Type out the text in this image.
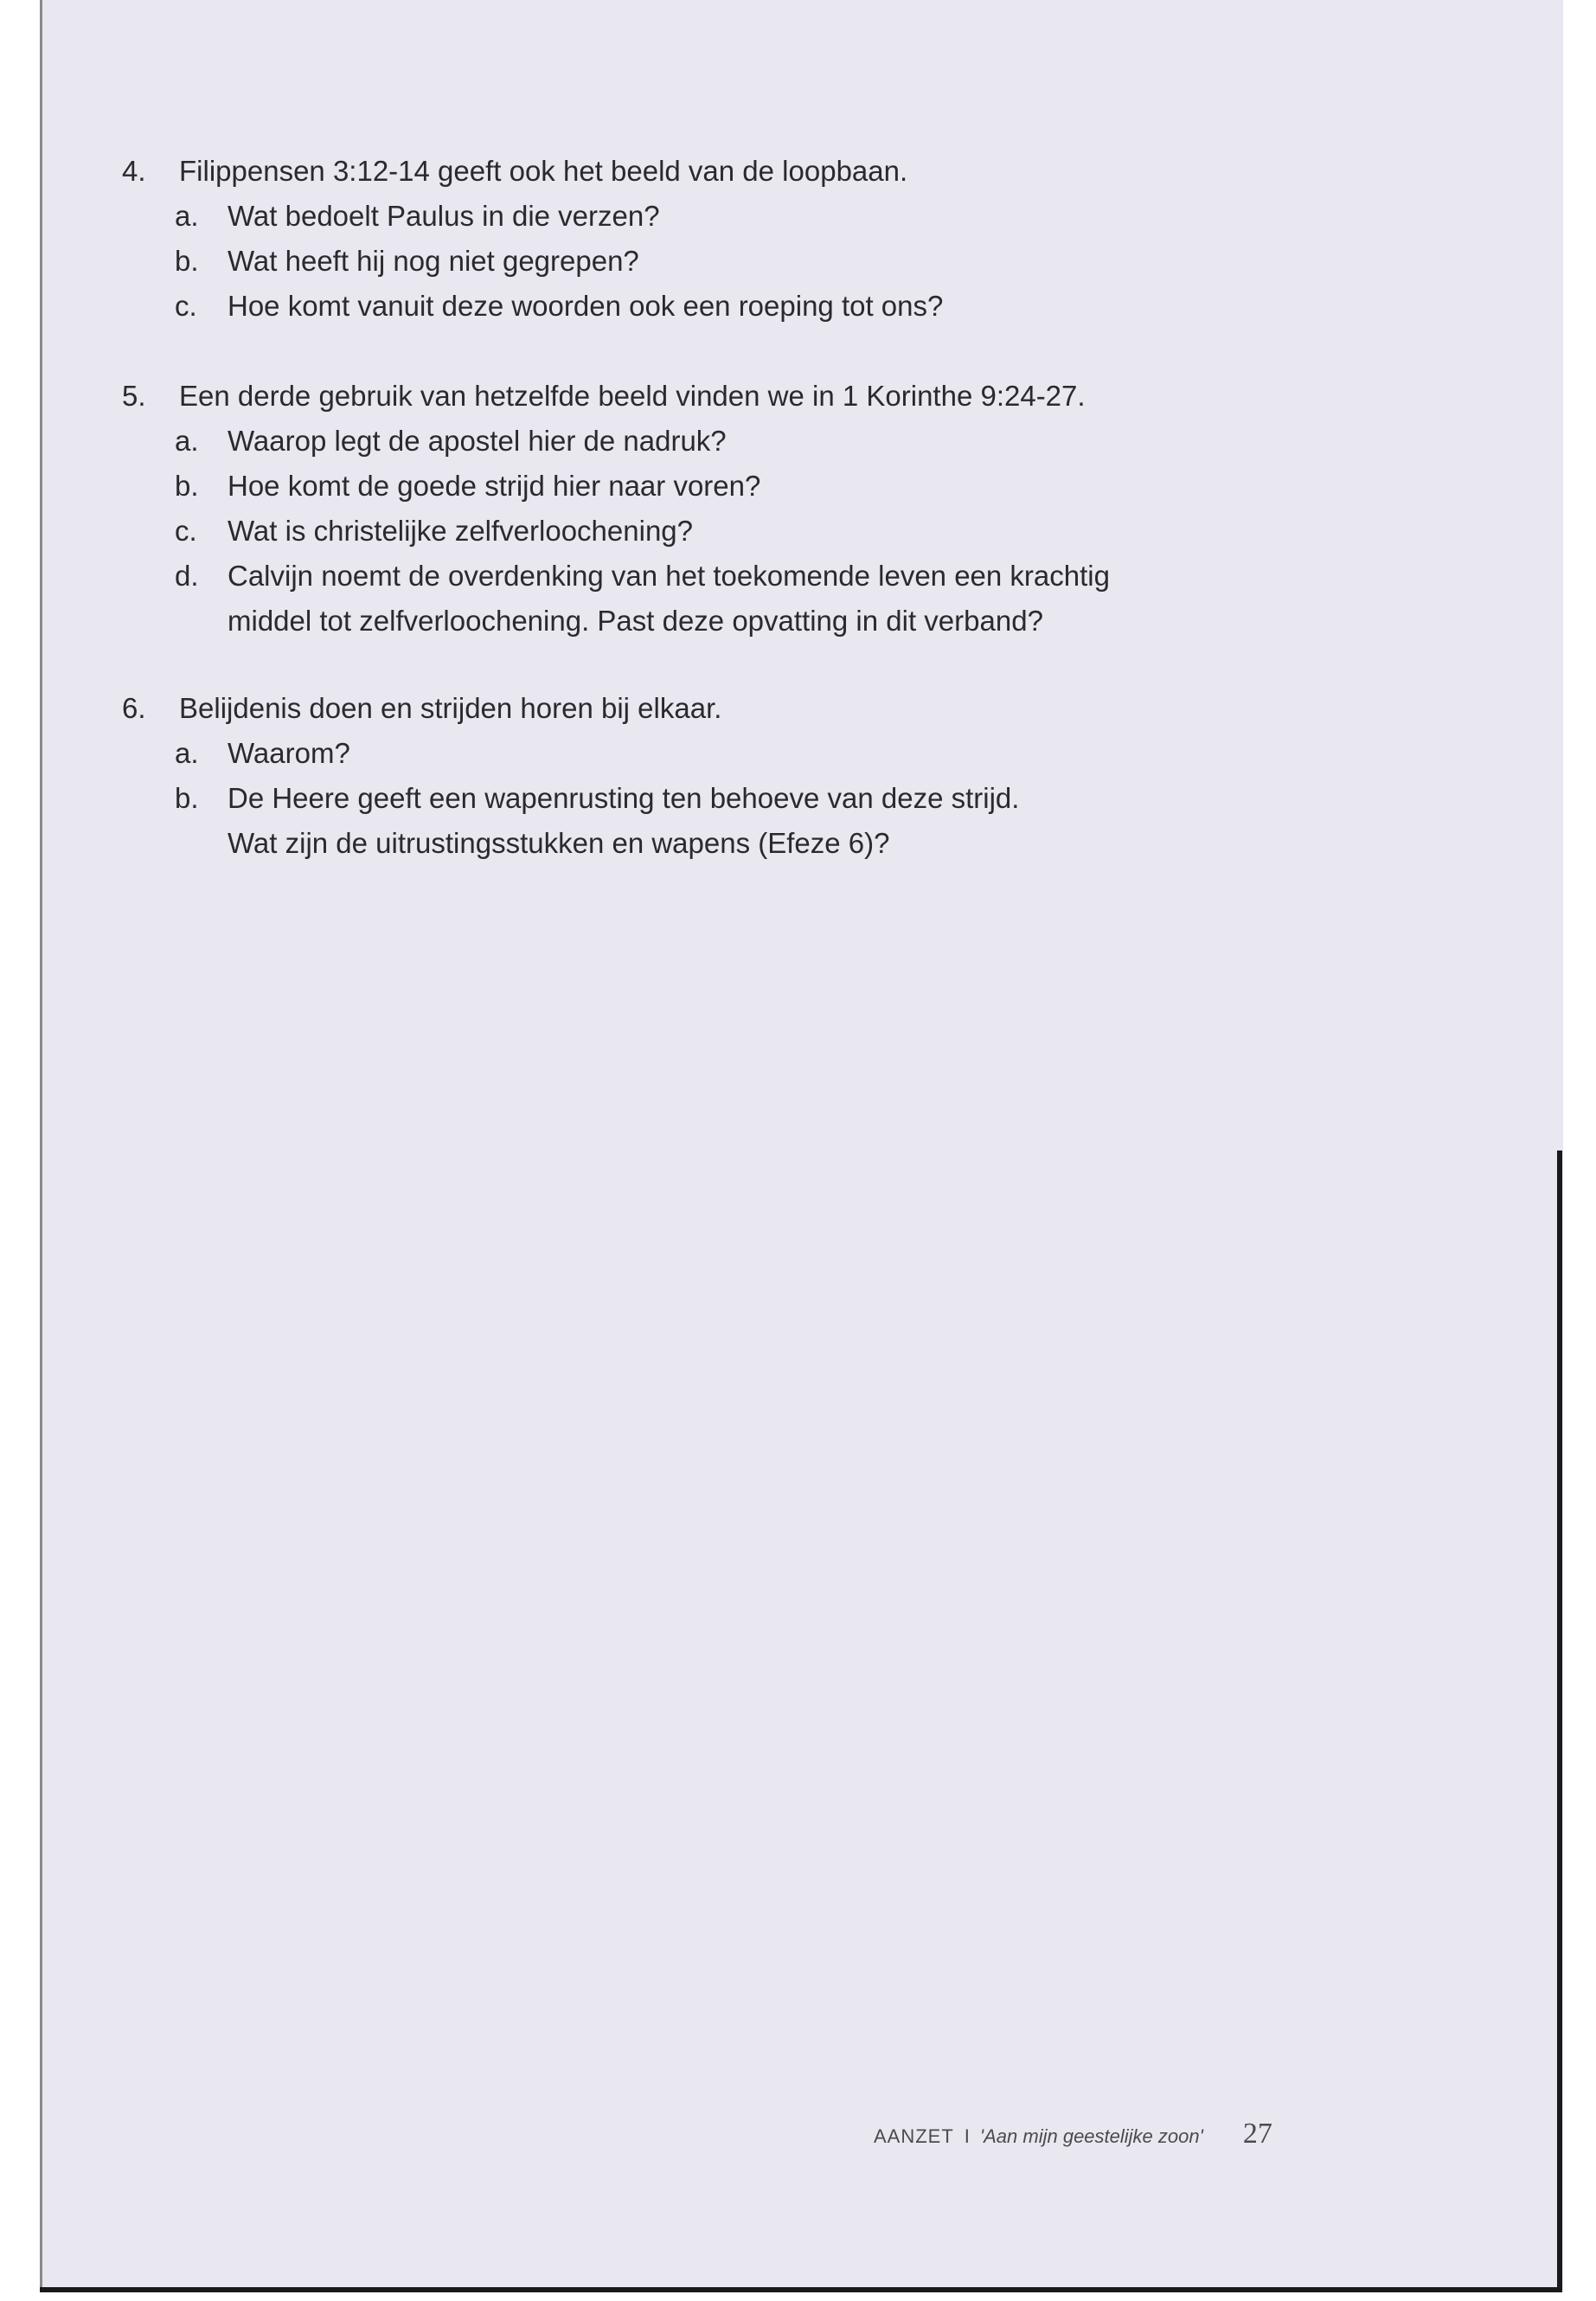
4.	Filippensen 3:12-14 geeft ook het beeld van de loopbaan.
a.	Wat bedoelt Paulus in die verzen?
b.	Wat heeft hij nog niet gegrepen?
c.	Hoe komt vanuit deze woorden ook een roeping tot ons?
5.	Een derde gebruik van hetzelfde beeld vinden we in 1 Korinthe 9:24-27.
a.	Waarop legt de apostel hier de nadruk?
b.	Hoe komt de goede strijd hier naar voren?
c.	Wat is christelijke zelfverloochening?
d.	Calvijn noemt de overdenking van het toekomende leven een krachtig
middel tot zelfverloochening. Past deze opvatting in dit verband?
6.	Belijdenis doen en strijden horen bij elkaar.
a.	Waarom?
b.	De Heere geeft een wapenrusting ten behoeve van deze strijd.
Wat zijn de uitrustingsstukken en wapens (Efeze 6)?
AANZET I 'Aan mijn geestelijke zoon' 27
